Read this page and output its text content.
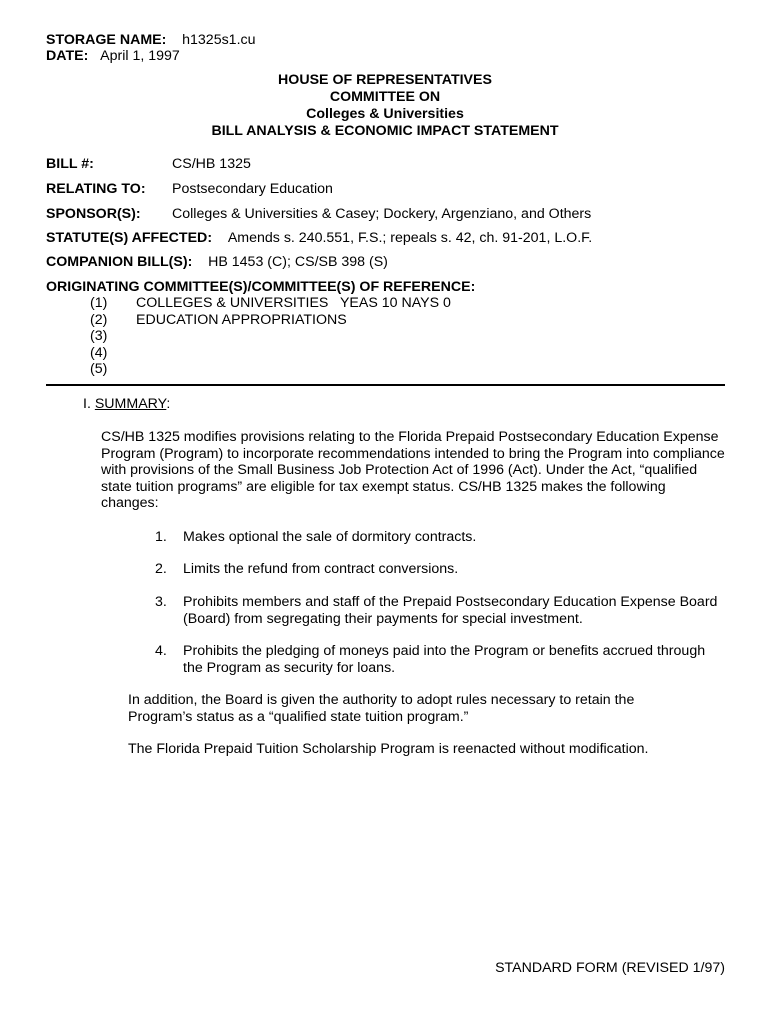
STORAGE NAME: h1325s1.cu
DATE: April 1, 1997
HOUSE OF REPRESENTATIVES
COMMITTEE ON
Colleges & Universities
BILL ANALYSIS & ECONOMIC IMPACT STATEMENT
BILL #:	CS/HB 1325
RELATING TO: Postsecondary Education
SPONSOR(S): Colleges & Universities & Casey; Dockery, Argenziano, and Others
STATUTE(S) AFFECTED: Amends s. 240.551, F.S.; repeals s. 42, ch. 91-201, L.O.F.
COMPANION BILL(S): HB 1453 (C); CS/SB 398 (S)
ORIGINATING COMMITTEE(S)/COMMITTEE(S) OF REFERENCE:
(1) COLLEGES & UNIVERSITIES   YEAS 10 NAYS 0
(2) EDUCATION APPROPRIATIONS
(3)
(4)
(5)
I. SUMMARY:
CS/HB 1325 modifies provisions relating to the Florida Prepaid Postsecondary Education Expense Program (Program) to incorporate recommendations intended to bring the Program into compliance with provisions of the Small Business Job Protection Act of 1996 (Act). Under the Act, “qualified state tuition programs” are eligible for tax exempt status. CS/HB 1325 makes the following changes:
1. Makes optional the sale of dormitory contracts.
2. Limits the refund from contract conversions.
3. Prohibits members and staff of the Prepaid Postsecondary Education Expense Board (Board) from segregating their payments for special investment.
4. Prohibits the pledging of moneys paid into the Program or benefits accrued through the Program as security for loans.
In addition, the Board is given the authority to adopt rules necessary to retain the Program’s status as a “qualified state tuition program.”
The Florida Prepaid Tuition Scholarship Program is reenacted without modification.
STANDARD FORM (REVISED 1/97)
